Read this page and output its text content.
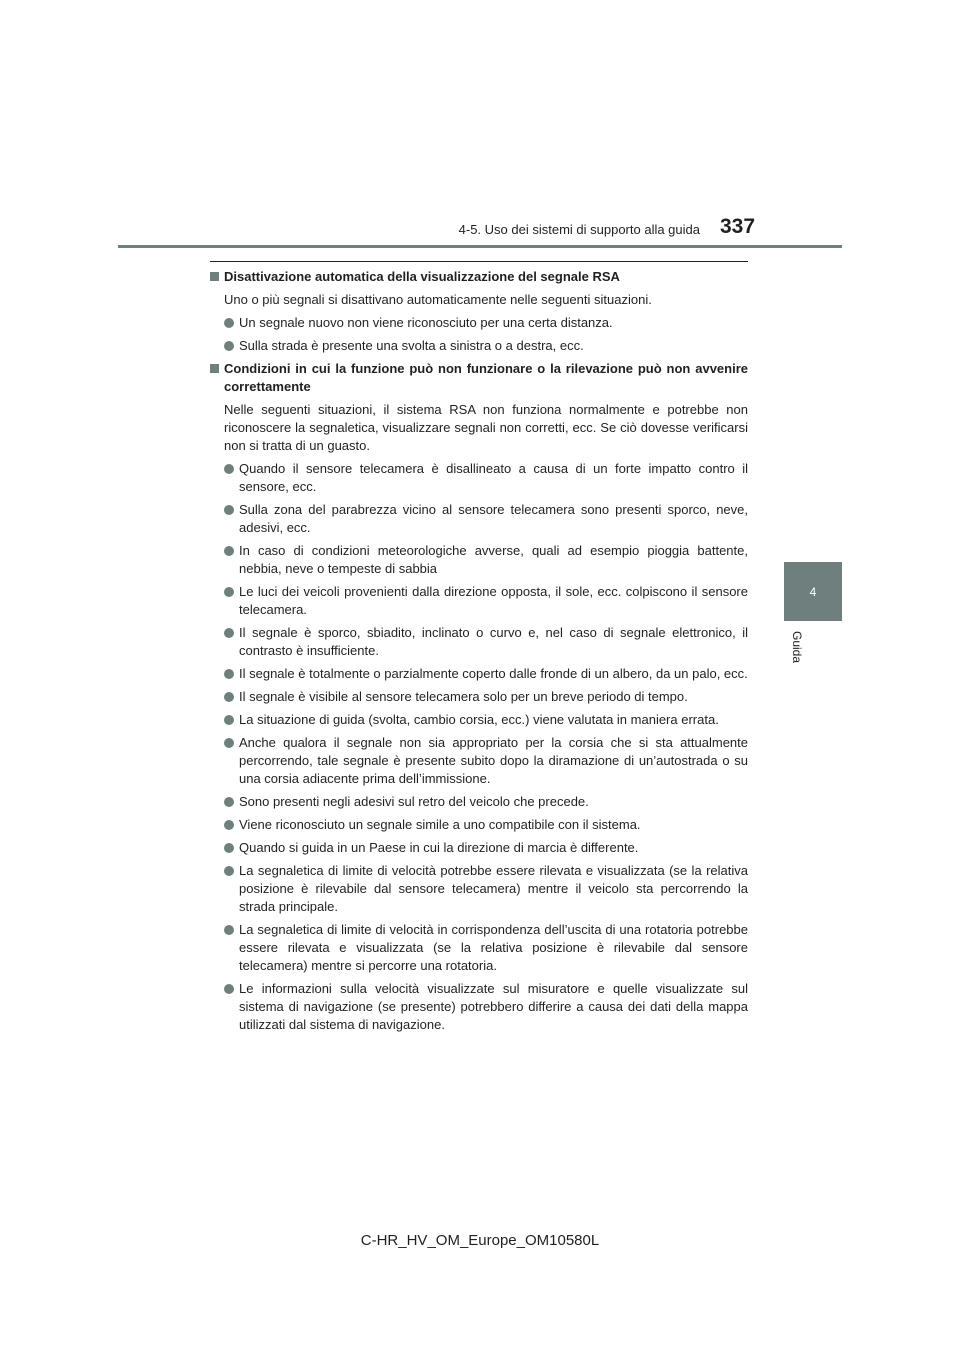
4-5. Uso dei sistemi di supporto alla guida 337
4
Guida
Disattivazione automatica della visualizzazione del segnale RSA
Uno o più segnali si disattivano automaticamente nelle seguenti situazioni.
Un segnale nuovo non viene riconosciuto per una certa distanza.
Sulla strada è presente una svolta a sinistra o a destra, ecc.
Condizioni in cui la funzione può non funzionare o la rilevazione può non avvenire correttamente
Nelle seguenti situazioni, il sistema RSA non funziona normalmente e potrebbe non riconoscere la segnaletica, visualizzare segnali non corretti, ecc. Se ciò dovesse verificarsi non si tratta di un guasto.
Quando il sensore telecamera è disallineato a causa di un forte impatto contro il sensore, ecc.
Sulla zona del parabrezza vicino al sensore telecamera sono presenti sporco, neve, adesivi, ecc.
In caso di condizioni meteorologiche avverse, quali ad esempio pioggia battente, nebbia, neve o tempeste di sabbia
Le luci dei veicoli provenienti dalla direzione opposta, il sole, ecc. colpiscono il sensore telecamera.
Il segnale è sporco, sbiadito, inclinato o curvo e, nel caso di segnale elettronico, il contrasto è insufficiente.
Il segnale è totalmente o parzialmente coperto dalle fronde di un albero, da un palo, ecc.
Il segnale è visibile al sensore telecamera solo per un breve periodo di tempo.
La situazione di guida (svolta, cambio corsia, ecc.) viene valutata in maniera errata.
Anche qualora il segnale non sia appropriato per la corsia che si sta attualmente percorrendo, tale segnale è presente subito dopo la diramazione di un’autostrada o su una corsia adiacente prima dell’immissione.
Sono presenti negli adesivi sul retro del veicolo che precede.
Viene riconosciuto un segnale simile a uno compatibile con il sistema.
Quando si guida in un Paese in cui la direzione di marcia è differente.
La segnaletica di limite di velocità potrebbe essere rilevata e visualizzata (se la relativa posizione è rilevabile dal sensore telecamera) mentre il veicolo sta percorrendo la strada principale.
La segnaletica di limite di velocità in corrispondenza dell’uscita di una rotatoria potrebbe essere rilevata e visualizzata (se la relativa posizione è rilevabile dal sensore telecamera) mentre si percorre una rotatoria.
Le informazioni sulla velocità visualizzate sul misuratore e quelle visualizzate sul sistema di navigazione (se presente) potrebbero differire a causa dei dati della mappa utilizzati dal sistema di navigazione.
C-HR_HV_OM_Europe_OM10580L
